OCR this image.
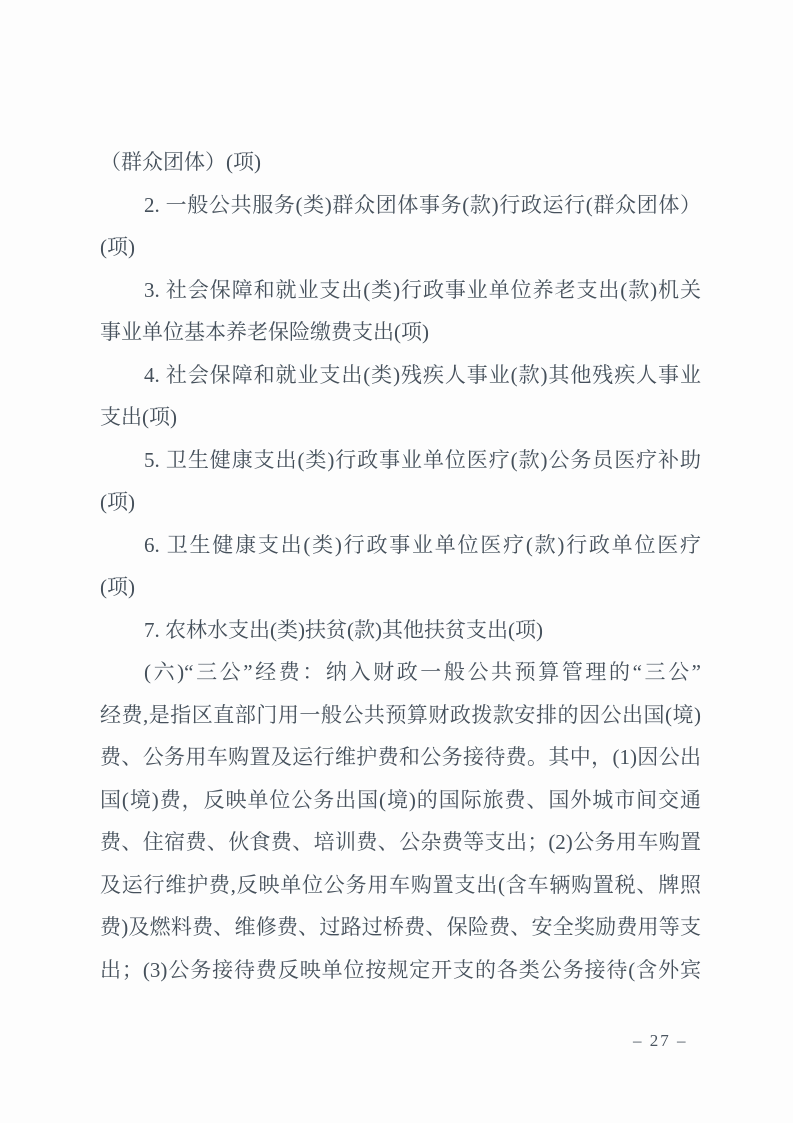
（群众团体）(项)
2. 一般公共服务(类)群众团体事务(款)行政运行(群众团体）
(项)
3. 社会保障和就业支出(类)行政事业单位养老支出(款)机关
事业单位基本养老保险缴费支出(项)
4. 社会保障和就业支出(类)残疾人事业(款)其他残疾人事业
支出(项)
5. 卫生健康支出(类)行政事业单位医疗(款)公务员医疗补助
(项)
6. 卫生健康支出(类)行政事业单位医疗(款)行政单位医疗
(项)
7. 农林水支出(类)扶贫(款)其他扶贫支出(项)
(六)“三公”经费：纳入财政一般公共预算管理的“三公”
经费,是指区直部门用一般公共预算财政拨款安排的因公出国(境)
费、公务用车购置及运行维护费和公务接待费。其中，(1)因公出
国(境)费，反映单位公务出国(境)的国际旅费、国外城市间交通
费、住宿费、伙食费、培训费、公杂费等支出；(2)公务用车购置
及运行维护费,反映单位公务用车购置支出(含车辆购置税、牌照
费)及燃料费、维修费、过路过桥费、保险费、安全奖励费用等支
出；(3)公务接待费反映单位按规定开支的各类公务接待(含外宾
– 27 –
